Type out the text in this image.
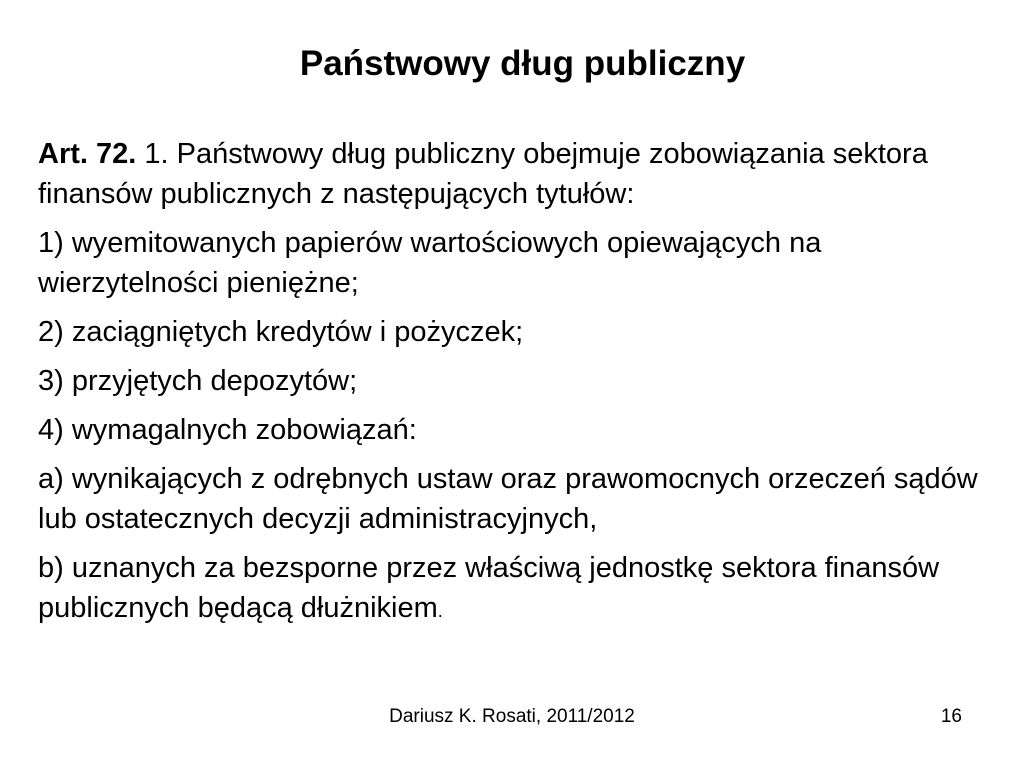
Państwowy dług publiczny

Art. 72. 1. Państwowy dług publiczny obejmuje zobowiązania sektora finansów publicznych z następujących tytułów:

1) wyemitowanych papierów wartościowych opiewających na wierzytelności pieniężne;

2) zaciągniętych kredytów i pożyczek;

3) przyjętych depozytów;

4) wymagalnych zobowiązań:

a) wynikających z odrębnych ustaw oraz prawomocnych orzeczeń sądów lub ostatecznych decyzji administracyjnych,

b) uznanych za bezsporne przez właściwą jednostkę sektora finansów publicznych będącą dłużnikiem.

Dariusz K. Rosati, 2011/2012	16
